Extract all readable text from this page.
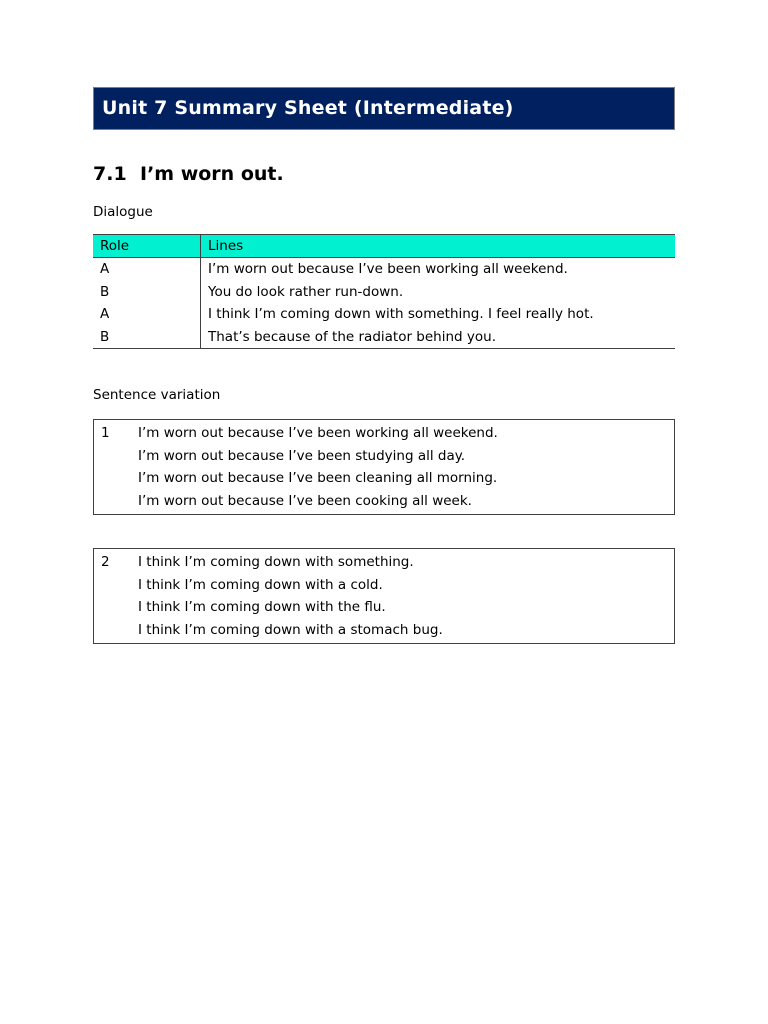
Unit 7 Summary Sheet (Intermediate)
7.1 I’m worn out.
Dialogue
Role	Lines
A	I’m worn out because I’ve been working all weekend.
B	You do look rather run-down.
A	I think I’m coming down with something. I feel really hot.
B	That’s because of the radiator behind you.
Sentence variation
1	I’m worn out because I’ve been working all weekend.
I’m worn out because I’ve been studying all day.
I’m worn out because I’ve been cleaning all morning.
I’m worn out because I’ve been cooking all week.
2	I think I’m coming down with something.
I think I’m coming down with a cold.
I think I’m coming down with the flu.
I think I’m coming down with a stomach bug.
